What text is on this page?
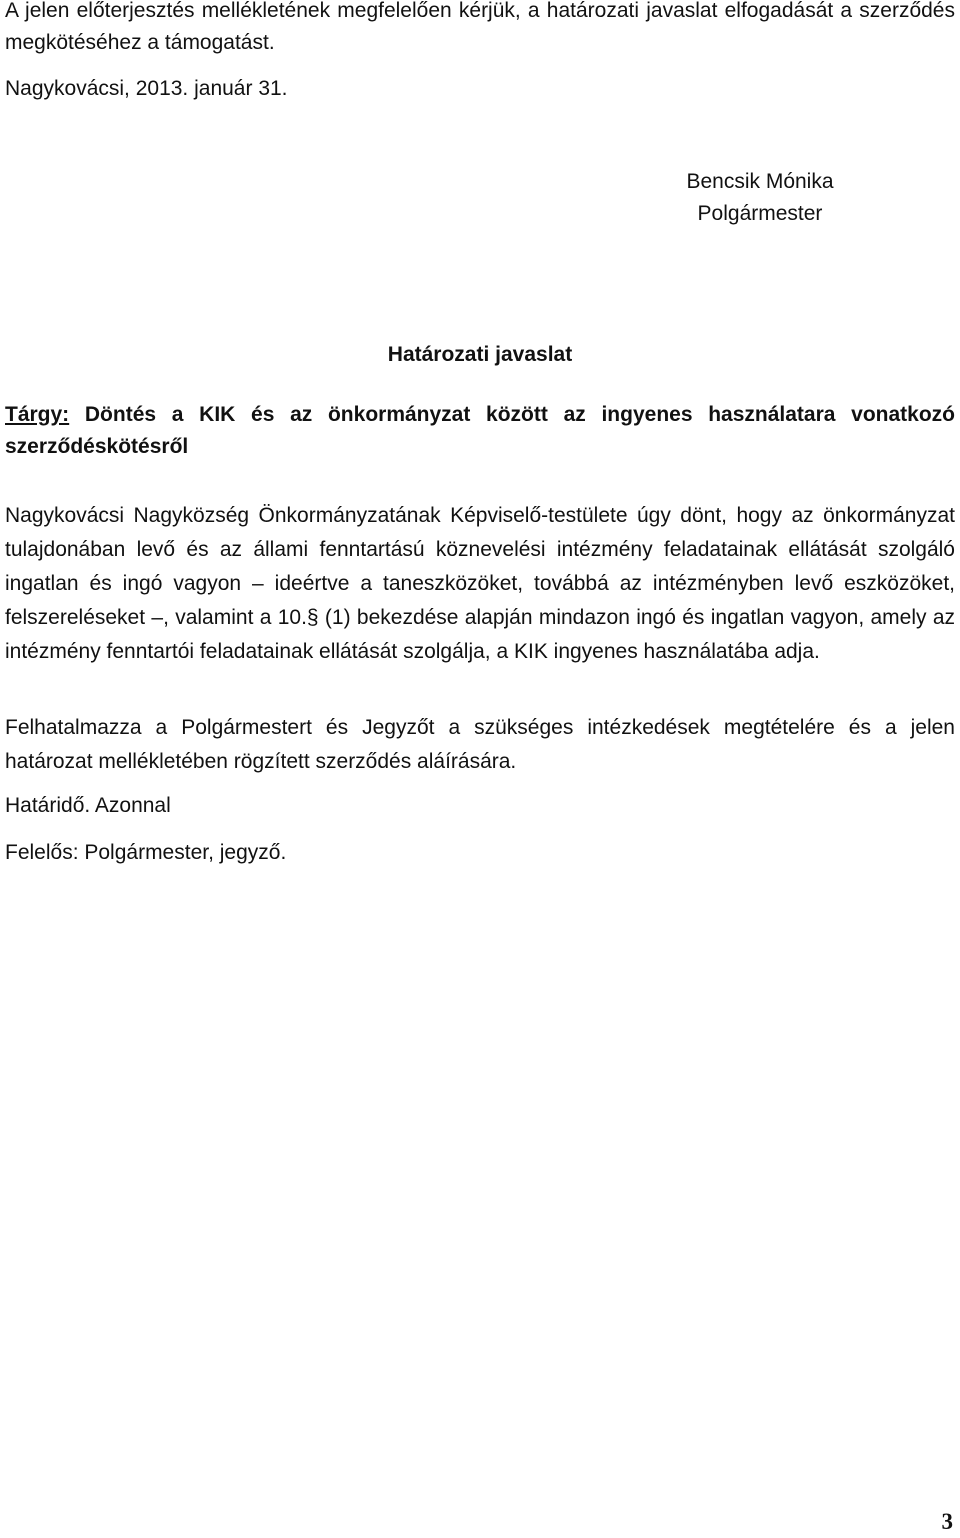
A jelen előterjesztés mellékletének megfelelően kérjük, a határozati javaslat elfogadását a szerződés megkötéséhez a támogatást.

Nagykovácsi, 2013. január 31.

Bencsik Mónika
Polgármester
Határozati javaslat

Tárgy: Döntés a KIK és az önkormányzat között az ingyenes használatara vonatkozó szerződéskötésről

Nagykovácsi Nagyközség Önkormányzatának Képviselő-testülete úgy dönt, hogy az önkormányzat tulajdonában levő és az állami fenntartású köznevelési intézmény feladatainak ellátását szolgáló ingatlan és ingó vagyon – ideértve a taneszközöket, továbbá az intézményben levő eszközöket, felszereléseket –, valamint a 10.§ (1) bekezdése alapján mindazon ingó és ingatlan vagyon, amely az intézmény fenntartói feladatainak ellátását szolgálja, a KIK ingyenes használatába adja.

Felhatalmazza a Polgármestert és Jegyzőt a szükséges intézkedések megtételére és a jelen határozat mellékletében rögzített szerződés aláírására.

Határidő. Azonnal

Felelős: Polgármester, jegyző.

3
